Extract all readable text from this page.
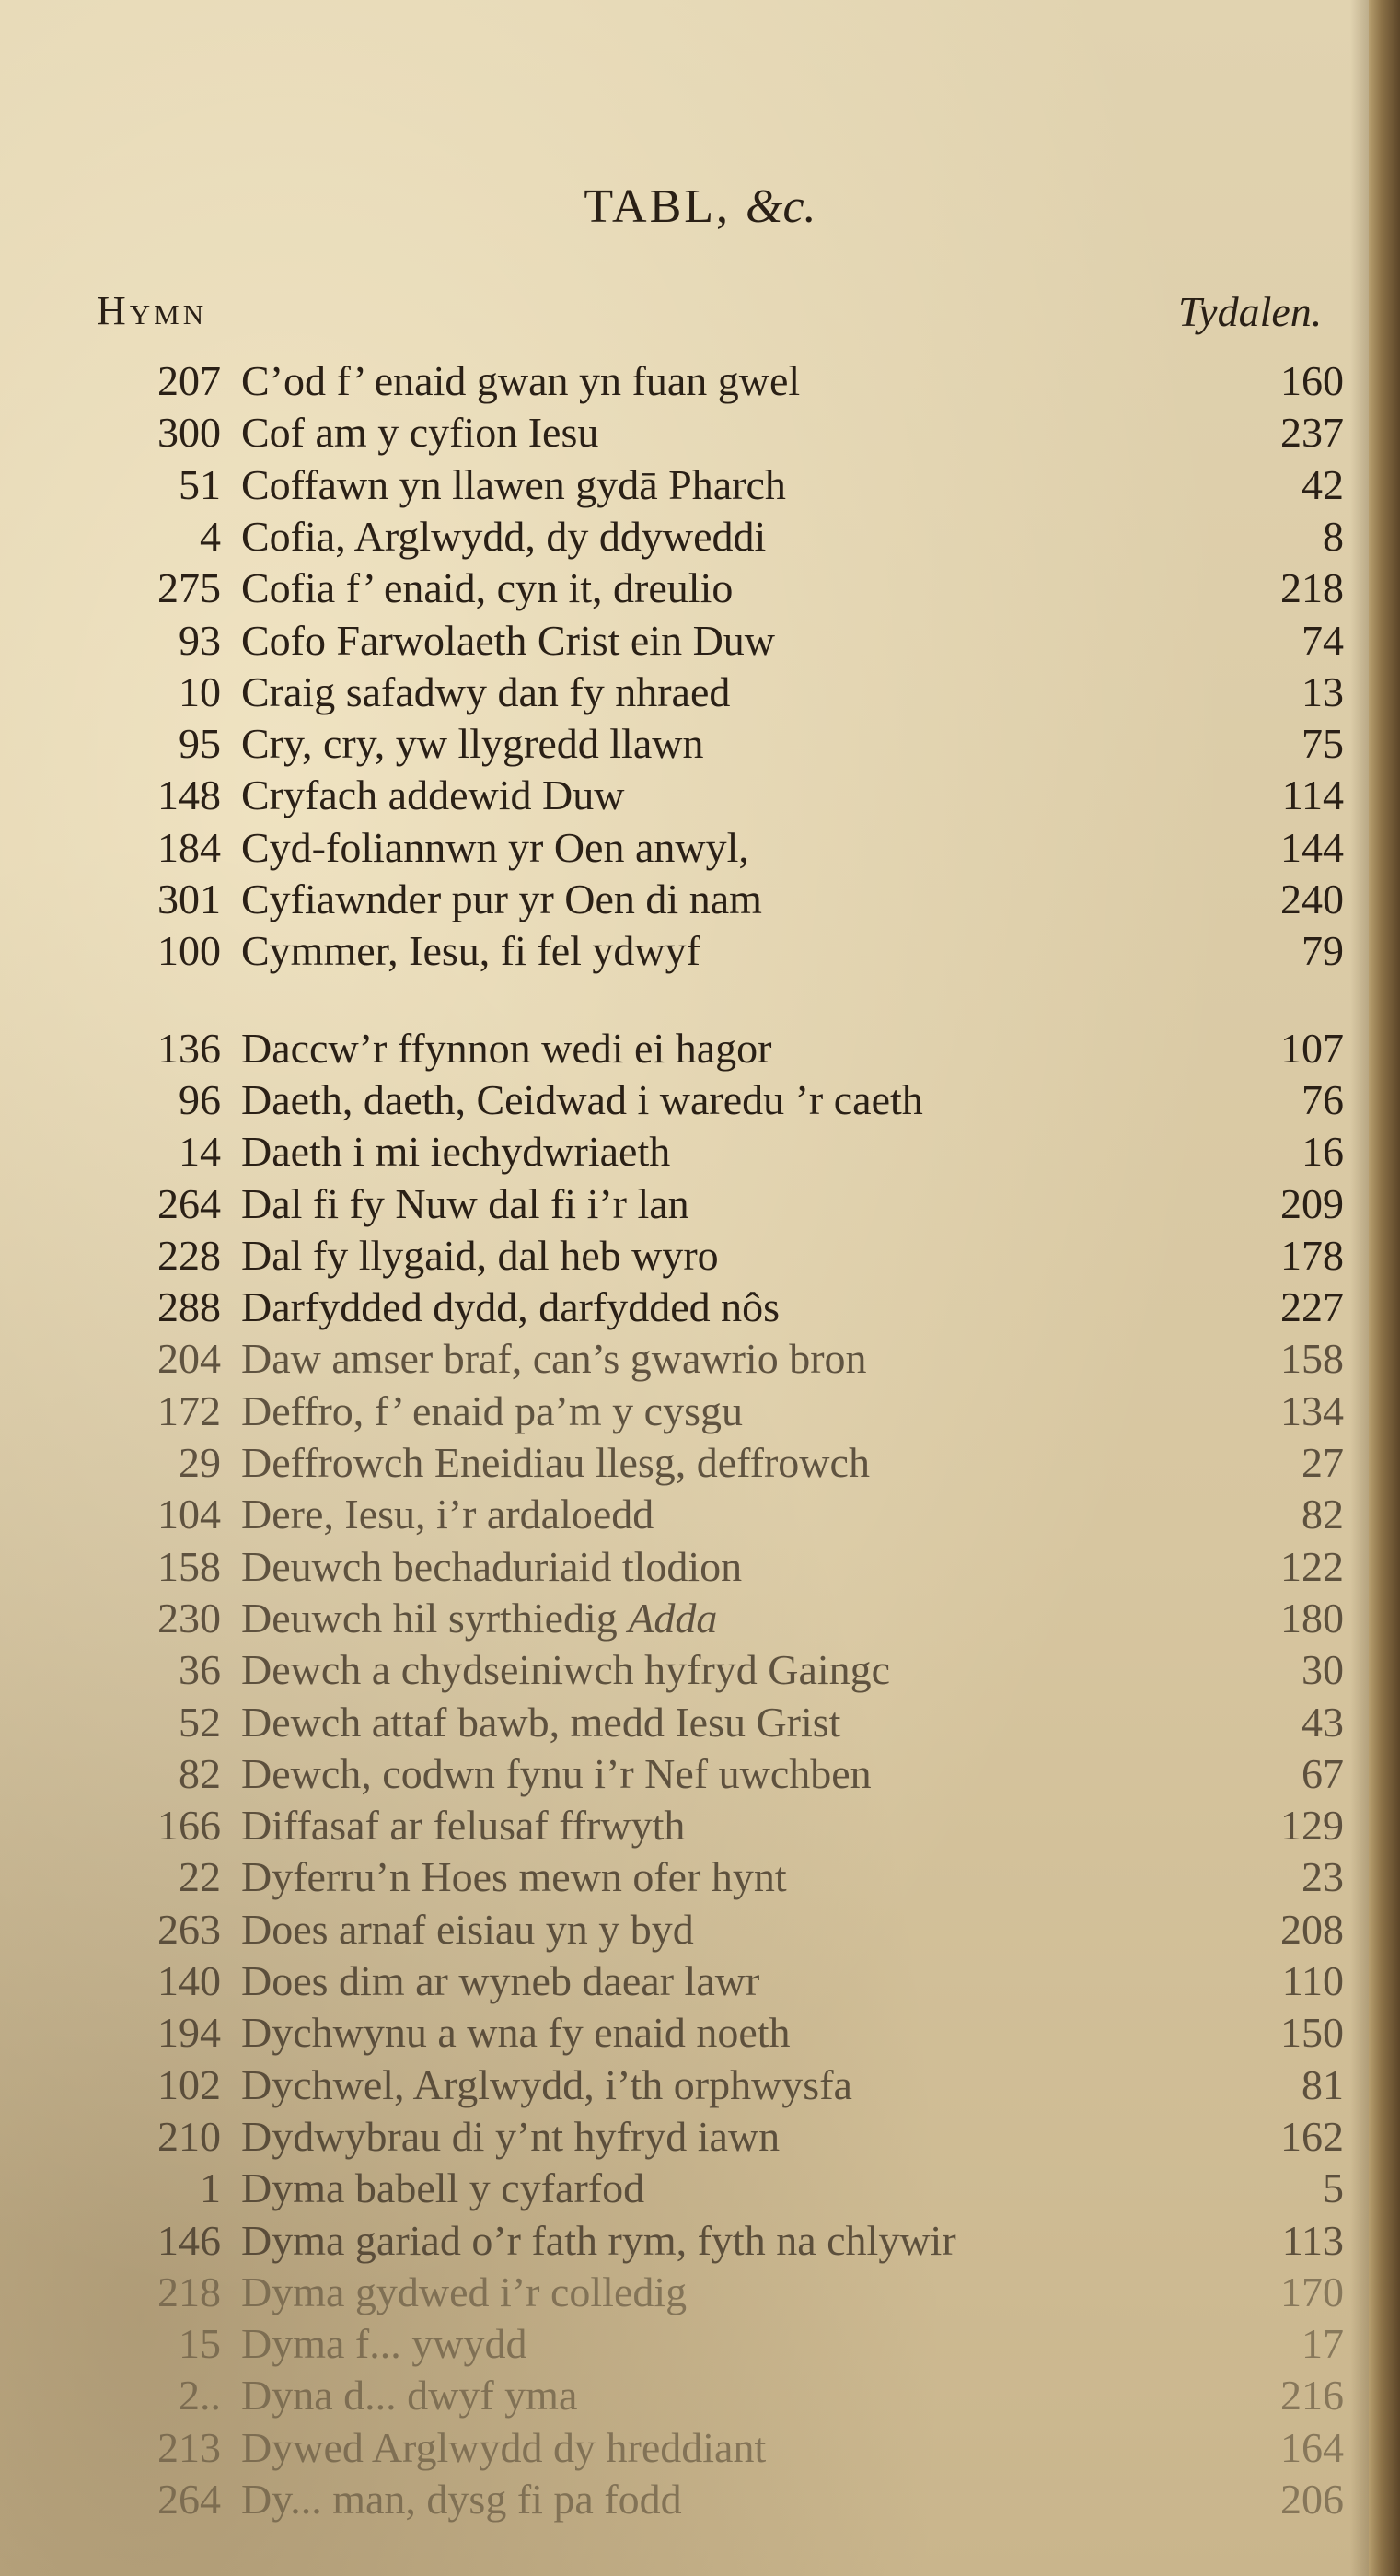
TABL, &c.
Hymn	Tydalen.
207 C’od f’ enaid gwan yn fuan gwel	160
300 Cof am y cyfion Iesu	237
51 Coffawn yn llawen gydā Pharch	42
4 Cofia, Arglwydd, dy ddyweddi	8
275 Cofia f’ enaid, cyn it, dreulio	218
93 Cofo Farwolaeth Crist ein Duw	74
10 Craig safadwy dan fy nhraed	13
95 Cry, cry, yw llygredd llawn	75
148 Cryfach addewid Duw	114
184 Cyd-foliannwn yr Oen anwyl,	144
301 Cyfiawnder pur yr Oen di nam	240
100 Cymmer, Iesu, fi fel ydwyf	79
136 Daccw’r ffynnon wedi ei hagor	107
96 Daeth, daeth, Ceidwad i waredu ’r caeth	76
14 Daeth i mi iechydwriaeth	16
264 Dal fi fy Nuw dal fi i’r lan	209
228 Dal fy llygaid, dal heb wyro	178
288 Darfydded dydd, darfydded nôs	227
204 Daw amser braf, can’s gwawrio bron	158
172 Deffro, f’ enaid pa’m y cysgu	134
29 Deffrowch Eneidiau llesg, deffrowch	27
104 Dere, Iesu, i’r ardaloedd	82
158 Deuwch bechaduriaid tlodion	122
230 Deuwch hil syrthiedig Adda	180
36 Dewch a chydseiniwch hyfryd Gaingc	30
52 Dewch attaf bawb, medd Iesu Grist	43
82 Dewch, codwn fynu i’r Nef uwchben	67
166 Diffasaf ar felusaf ffrwyth	129
22 Dyferru’n Hoes mewn ofer hynt	23
263 Does arnaf eisiau yn y byd	208
140 Does dim ar wyneb daear lawr	110
194 Dychwynu a wna fy enaid noeth	150
102 Dychwel, Arglwydd, i’th orphwysfa	81
210 Dydwybrau di y’nt hyfryd iawn	162
1 Dyma babell y cyfarfod	5
146 Dyma gariad o’r fath rym, fyth na chlywir	113
218 Dyma gydwed i’r colledig	170
15 Dyma f... ywydd	17
2.. Dyna d... dwyf yma	216
213 Dywed Arglwydd dy hreddiant	164
264 Dy... man, dysg fi pa fodd	206
